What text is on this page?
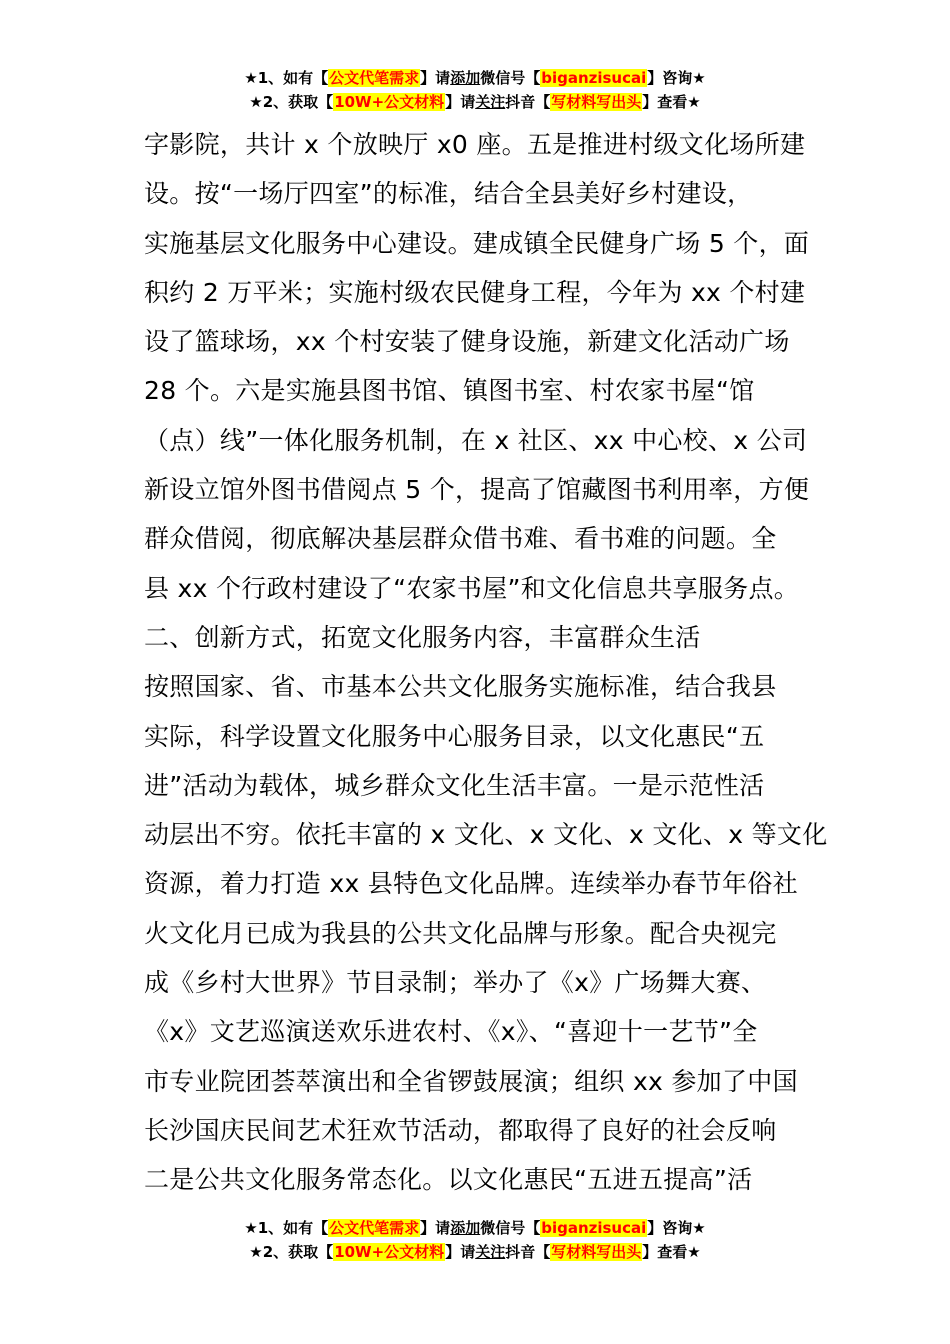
★1、如有【公文代笔需求】请添加微信号【biganzisucai】咨询★
★2、获取【10W+公文材料】请关注抖音【写材料写出头】查看★
字影院，共计 x 个放映厅 x0 座。五是推进村级文化场所建
设。按“一场厅四室”的标准，结合全县美好乡村建设，
实施基层文化服务中心建设。建成镇全民健身广场 5 个，面
积约 2 万平米；实施村级农民健身工程，今年为 xx 个村建
设了篮球场，xx 个村安装了健身设施，新建文化活动广场
28 个。六是实施县图书馆、镇图书室、村农家书屋“馆
（点）线”一体化服务机制，在 x 社区、xx 中心校、x 公司
新设立馆外图书借阅点 5 个，提高了馆藏图书利用率，方便
群众借阅，彻底解决基层群众借书难、看书难的问题。全
县 xx 个行政村建设了“农家书屋”和文化信息共享服务点。
二、创新方式，拓宽文化服务内容，丰富群众生活
按照国家、省、市基本公共文化服务实施标准，结合我县
实际，科学设置文化服务中心服务目录，以文化惠民“五
进”活动为载体，城乡群众文化生活丰富。一是示范性活
动层出不穷。依托丰富的 x 文化、x 文化、x 文化、x 等文化
资源，着力打造 xx 县特色文化品牌。连续举办春节年俗社
火文化月已成为我县的公共文化品牌与形象。配合央视完
成《乡村大世界》节目录制；举办了《x》广场舞大赛、
《x》文艺巡演送欢乐进农村、《x》、“喜迎十一艺节”全
市专业院团荟萃演出和全省锣鼓展演；组织 xx 参加了中国
长沙国庆民间艺术狂欢节活动，都取得了良好的社会反响
二是公共文化服务常态化。以文化惠民“五进五提高”活
★1、如有【公文代笔需求】请添加微信号【biganzisucai】咨询★
★2、获取【10W+公文材料】请关注抖音【写材料写出头】查看★
